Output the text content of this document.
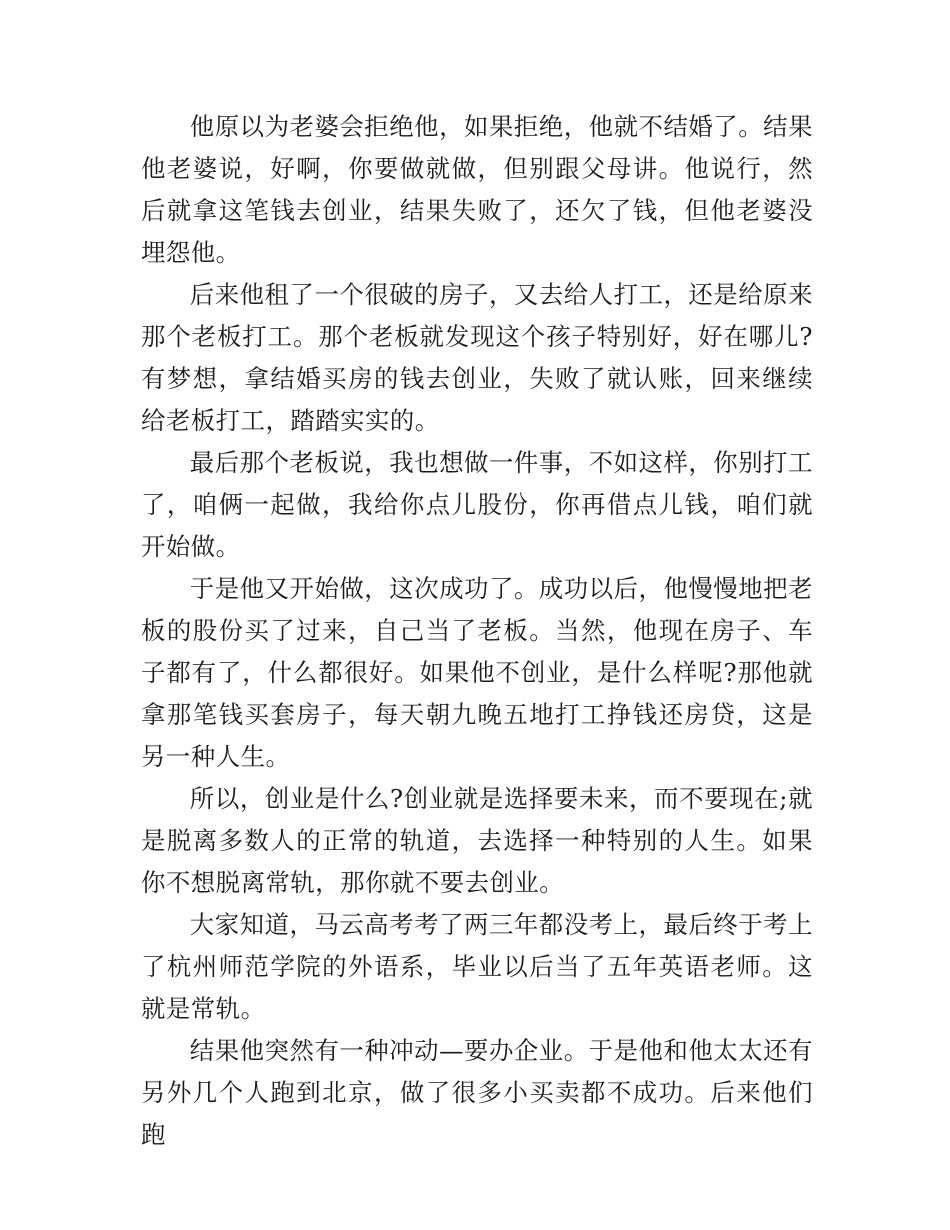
他原以为老婆会拒绝他，如果拒绝，他就不结婚了。结果他老婆说，好啊，你要做就做，但别跟父母讲。他说行，然后就拿这笔钱去创业，结果失败了，还欠了钱，但他老婆没埋怨他。

后来他租了一个很破的房子，又去给人打工，还是给原来那个老板打工。那个老板就发现这个孩子特别好，好在哪儿?有梦想，拿结婚买房的钱去创业，失败了就认账，回来继续给老板打工，踏踏实实的。

最后那个老板说，我也想做一件事，不如这样，你别打工了，咱俩一起做，我给你点儿股份，你再借点儿钱，咱们就开始做。

于是他又开始做，这次成功了。成功以后，他慢慢地把老板的股份买了过来，自己当了老板。当然，他现在房子、车子都有了，什么都很好。如果他不创业，是什么样呢?那他就拿那笔钱买套房子，每天朝九晚五地打工挣钱还房贷，这是另一种人生。

所以，创业是什么?创业就是选择要未来，而不要现在;就是脱离多数人的正常的轨道，去选择一种特别的人生。如果你不想脱离常轨，那你就不要去创业。

大家知道，马云高考考了两三年都没考上，最后终于考上了杭州师范学院的外语系，毕业以后当了五年英语老师。这就是常轨。

结果他突然有一种冲动—要办企业。于是他和他太太还有另外几个人跑到北京，做了很多小买卖都不成功。后来他们跑
